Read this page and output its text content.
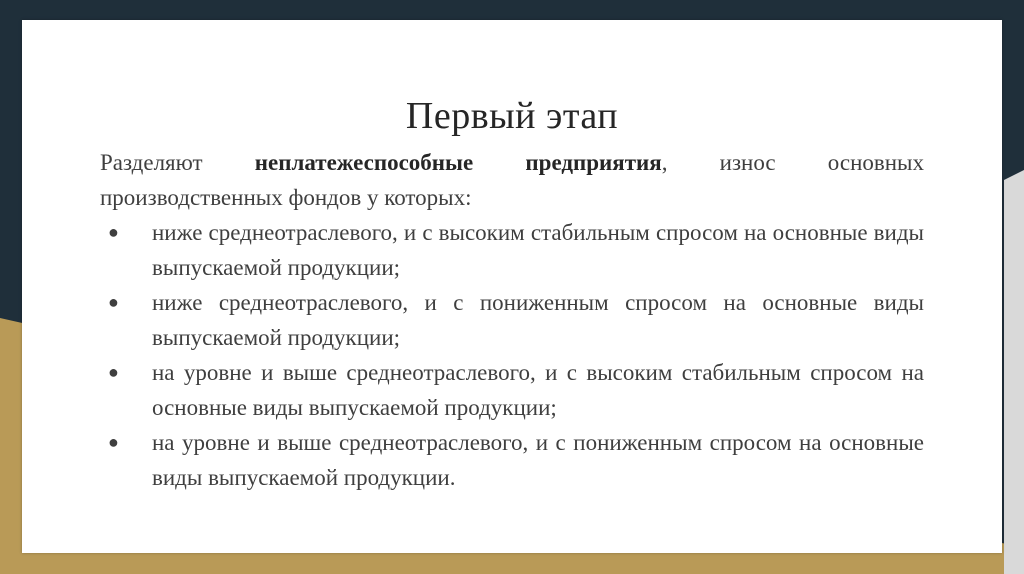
Первый этап

Разделяют неплатежеспособные предприятия, износ основных производственных фондов у которых:

● ниже среднеотраслевого, и с высоким стабильным спросом на основные виды выпускаемой продукции;
● ниже среднеотраслевого, и с пониженным спросом на основные виды выпускаемой продукции;
● на уровне и выше среднеотраслевого, и с высоким стабильным спросом на основные виды выпускаемой продукции;
● на уровне и выше среднеотраслевого, и с пониженным спросом на основные виды выпускаемой продукции.
